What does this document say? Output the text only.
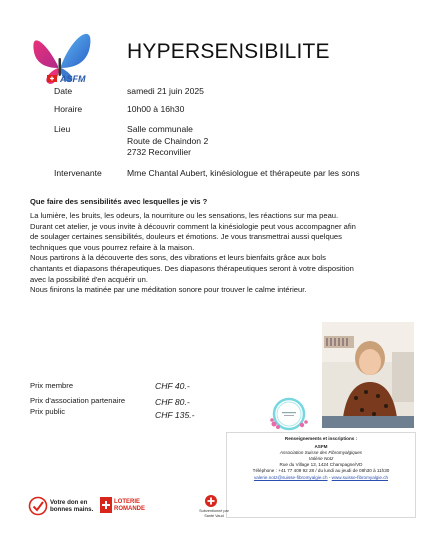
ASFM
HYPERSENSIBILITE
Date	samedi 21 juin 2025
Horaire	10h00 à 16h30
Lieu	Salle communale
Route de Chaindon 2
2732 Reconvilier
Intervenante	Mme Chantal Aubert, kinésiologue et thérapeute par les sons
Que faire des sensibilités avec lesquelles je vis ?

La lumière, les bruits, les odeurs, la nourriture ou les sensations, les réactions sur ma peau.

Durant cet atelier, je vous invite à découvrir comment la kinésiologie peut vous accompagner afin de soulager certaines sensibilités, douleurs et émotions. Je vous transmettrai aussi quelques techniques que vous pourrez refaire à la maison.

Nous partirons à la découverte des sons, des vibrations et leurs bienfaits grâce aux bols chantants et diapasons thérapeutiques. Des diapasons thérapeutiques seront à votre disposition avec la possibilité d'en acquérir un.

Nous finirons la matinée par une méditation sonore pour trouver le calme intérieur.

Prix membre	CHF 40.-
Prix d'association partenaire	CHF 80.-
Prix public	CHF 135.-
Renseignements et inscriptions :
ASFM
Association Suisse des Fibromyalgiques
Valérie Notz
Rue du Village 13, 1424 Champagne/VD
Téléphone : +41 77 409 92 28 / du lundi au jeudi de 08h30 à 11h30
valerie.notz@suisse-fibromyalgie.ch - www.suisse-fibromyalgie.ch
Votre don en bonnes mains.
LOTERIE ROMANDE	Subventionné par
Santé Vaud
